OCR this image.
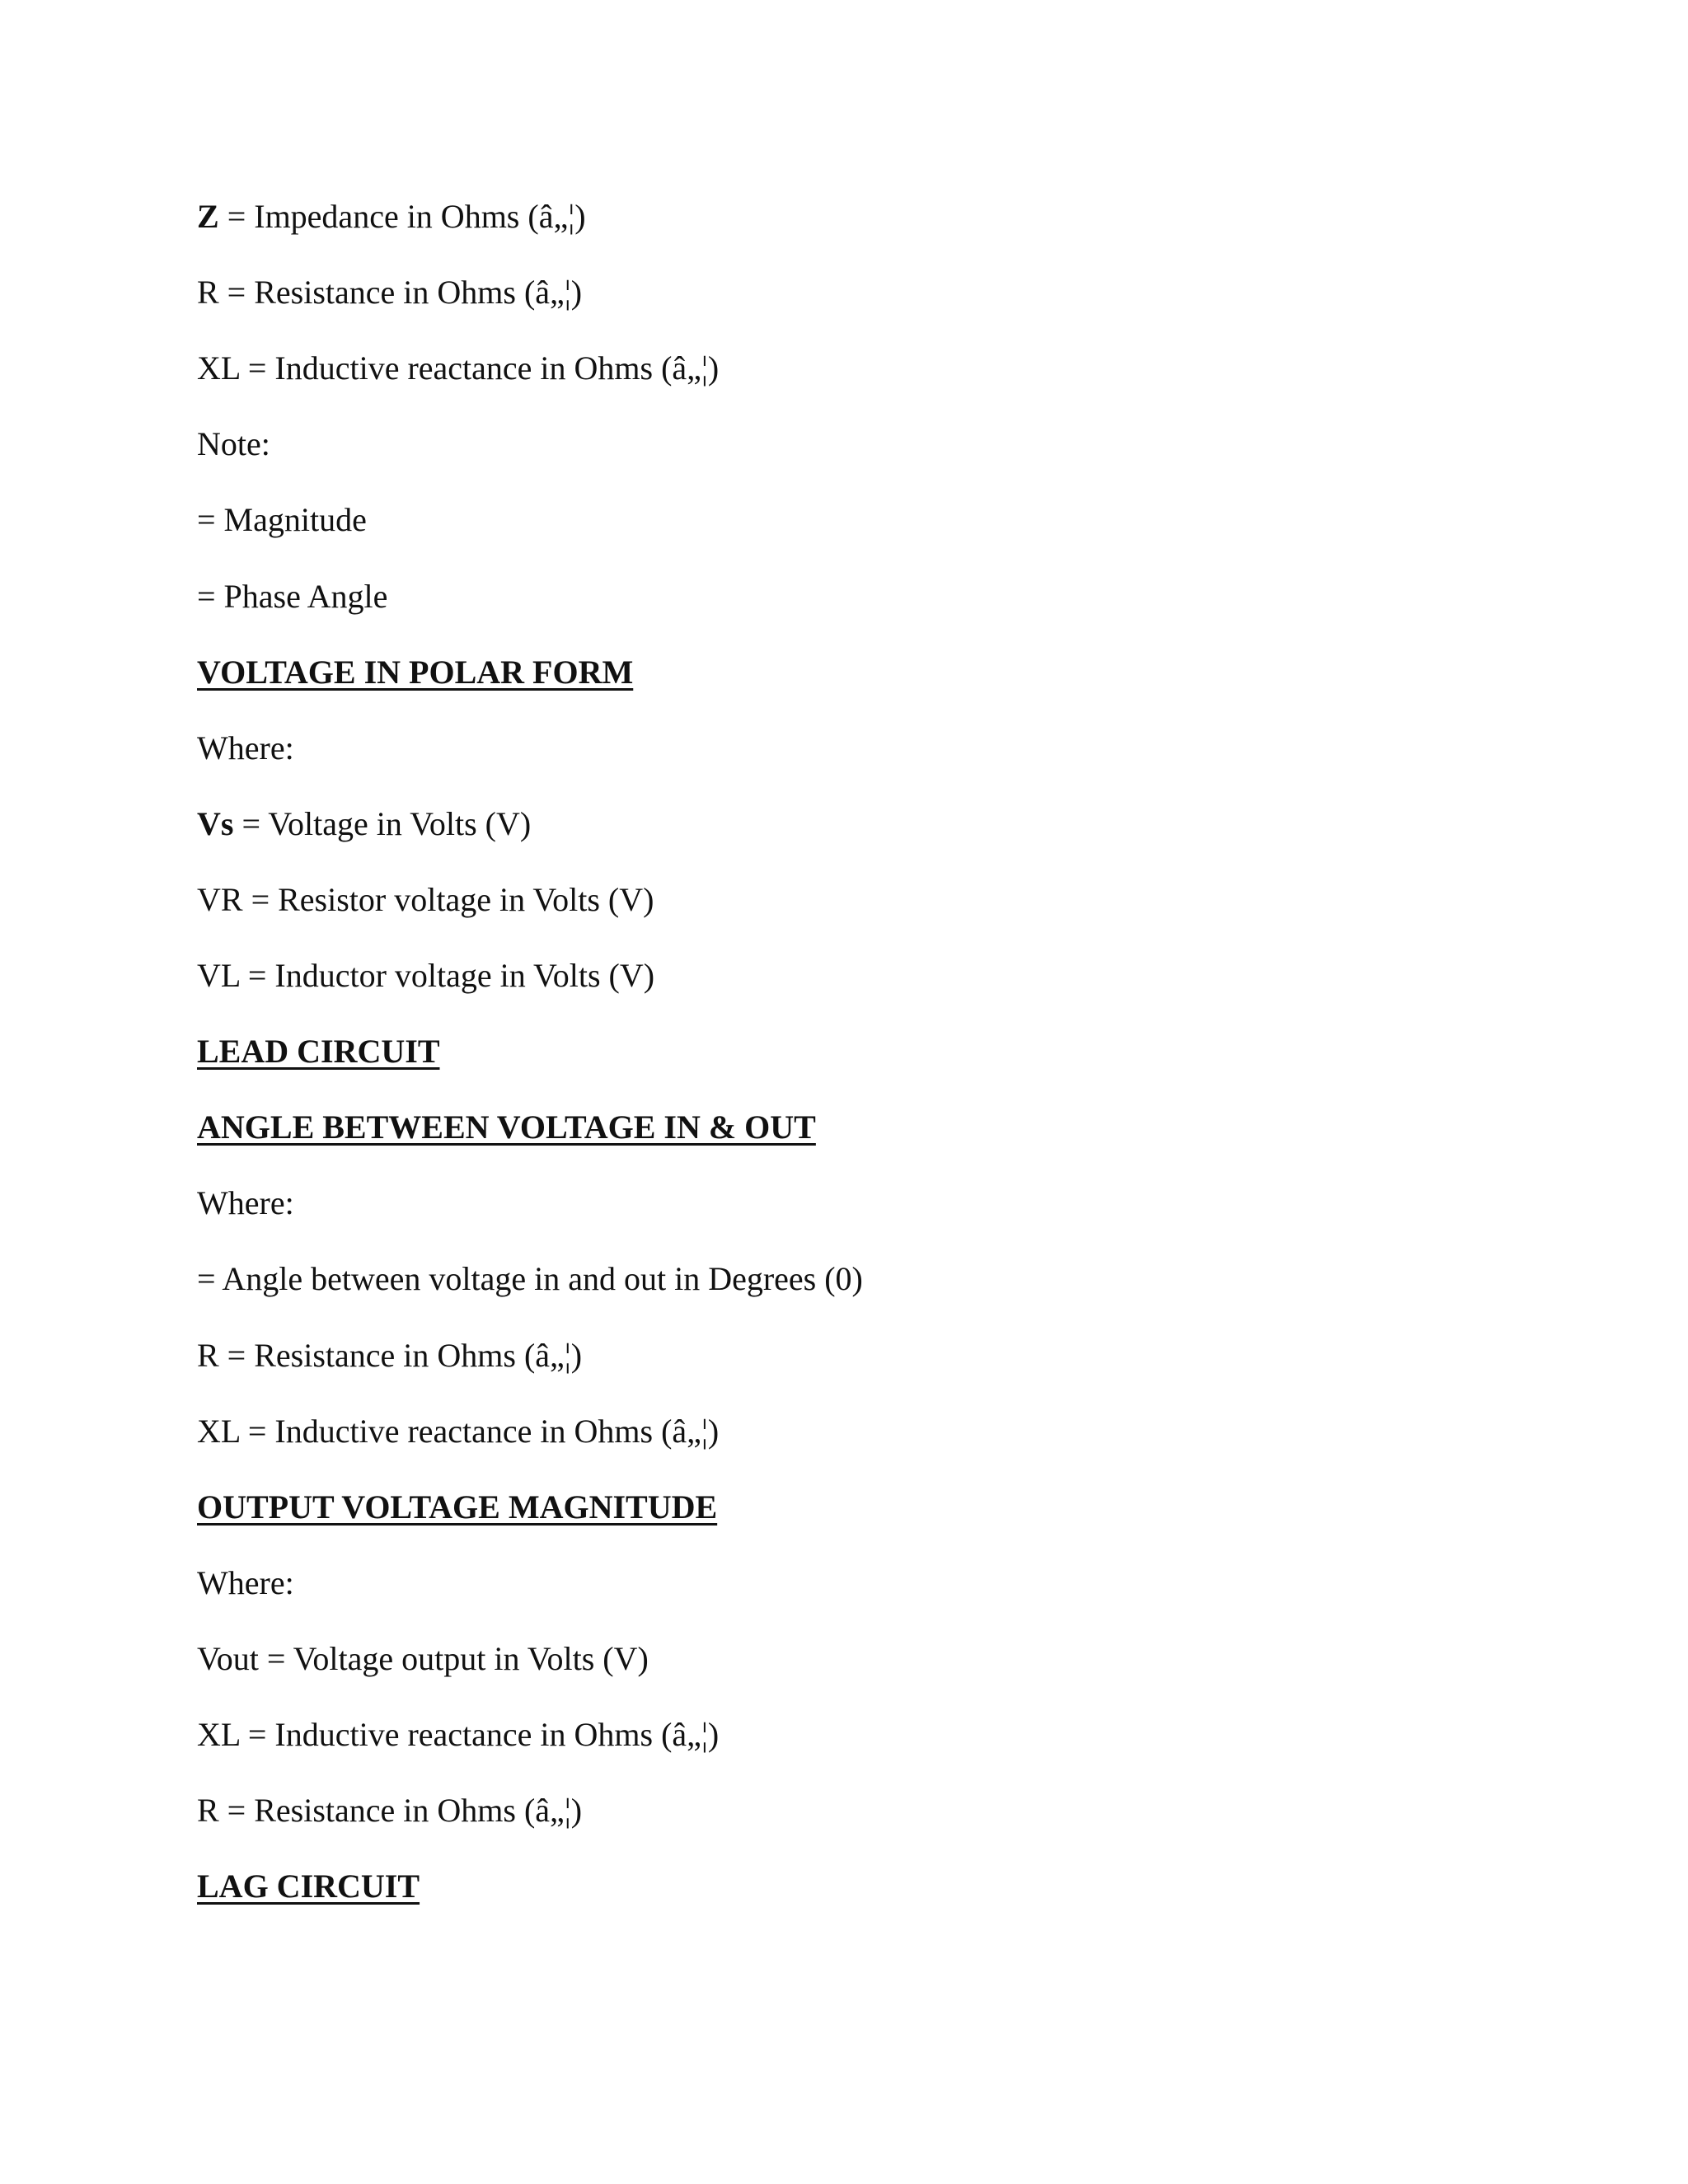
Z = Impedance in Ohms (â„¦)
R = Resistance in Ohms (â„¦)
XL = Inductive reactance in Ohms (â„¦)
Note:
= Magnitude
= Phase Angle
VOLTAGE IN POLAR FORM
Where:
Vs = Voltage in Volts (V)
VR = Resistor voltage in Volts (V)
VL = Inductor voltage in Volts (V)
LEAD CIRCUIT
ANGLE BETWEEN VOLTAGE IN & OUT
Where:
= Angle between voltage in and out in Degrees (0)
R = Resistance in Ohms (â„¦)
XL = Inductive reactance in Ohms (â„¦)
OUTPUT VOLTAGE MAGNITUDE
Where:
Vout = Voltage output in Volts (V)
XL = Inductive reactance in Ohms (â„¦)
R = Resistance in Ohms (â„¦)
LAG CIRCUIT
